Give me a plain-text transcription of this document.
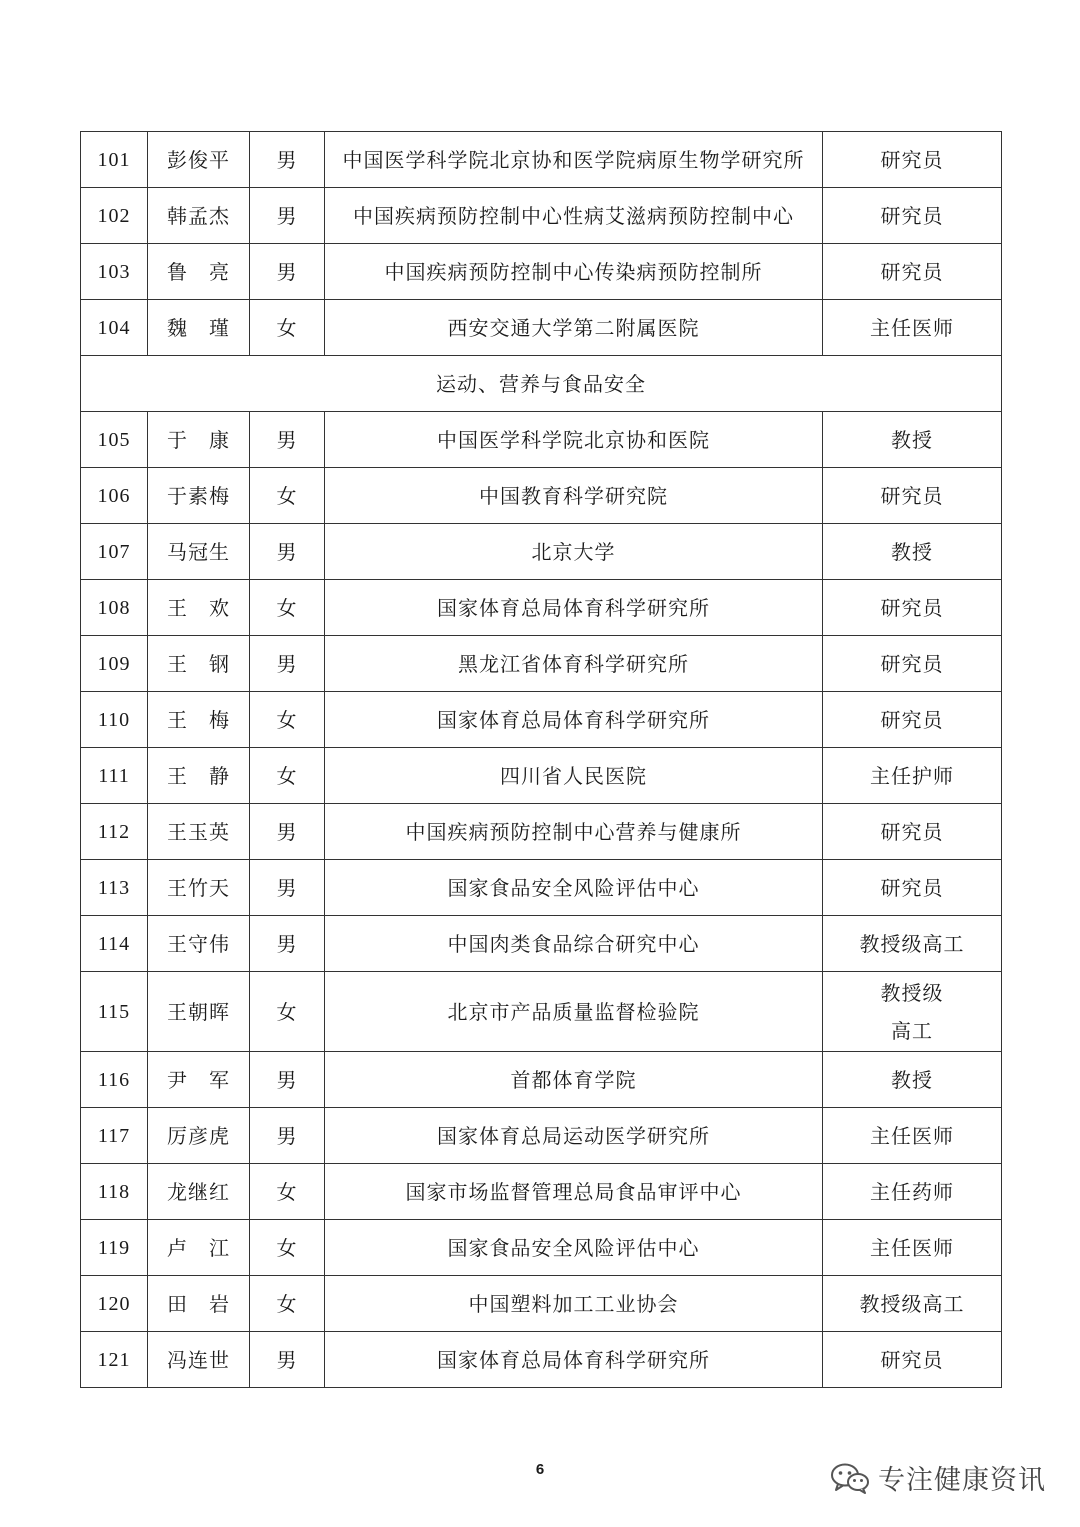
101	彭俊平	男	中国医学科学院北京协和医学院病原生物学研究所	研究员
102	韩孟杰	男	中国疾病预防控制中心性病艾滋病预防控制中心	研究员
103	鲁　亮	男	中国疾病预防控制中心传染病预防控制所	研究员
104	魏　瑾	女	西安交通大学第二附属医院	主任医师
运动、营养与食品安全				
105	于　康	男	中国医学科学院北京协和医院	教授
106	于素梅	女	中国教育科学研究院	研究员
107	马冠生	男	北京大学	教授
108	王　欢	女	国家体育总局体育科学研究所	研究员
109	王　钢	男	黑龙江省体育科学研究所	研究员
110	王　梅	女	国家体育总局体育科学研究所	研究员
111	王　静	女	四川省人民医院	主任护师
112	王玉英	男	中国疾病预防控制中心营养与健康所	研究员
113	王竹天	男	国家食品安全风险评估中心	研究员
114	王守伟	男	中国肉类食品综合研究中心	教授级高工
115	王朝晖	女	北京市产品质量监督检验院	教授级
高工

116	尹　军	男	首都体育学院	教授
117	厉彦虎	男	国家体育总局运动医学研究所	主任医师
118	龙继红	女	国家市场监督管理总局食品审评中心	主任药师
119	卢　江	女	国家食品安全风险评估中心	主任医师
120	田　岩	女	中国塑料加工工业协会	教授级高工
121	冯连世	男	国家体育总局体育科学研究所	研究员
6	专注健康资讯
